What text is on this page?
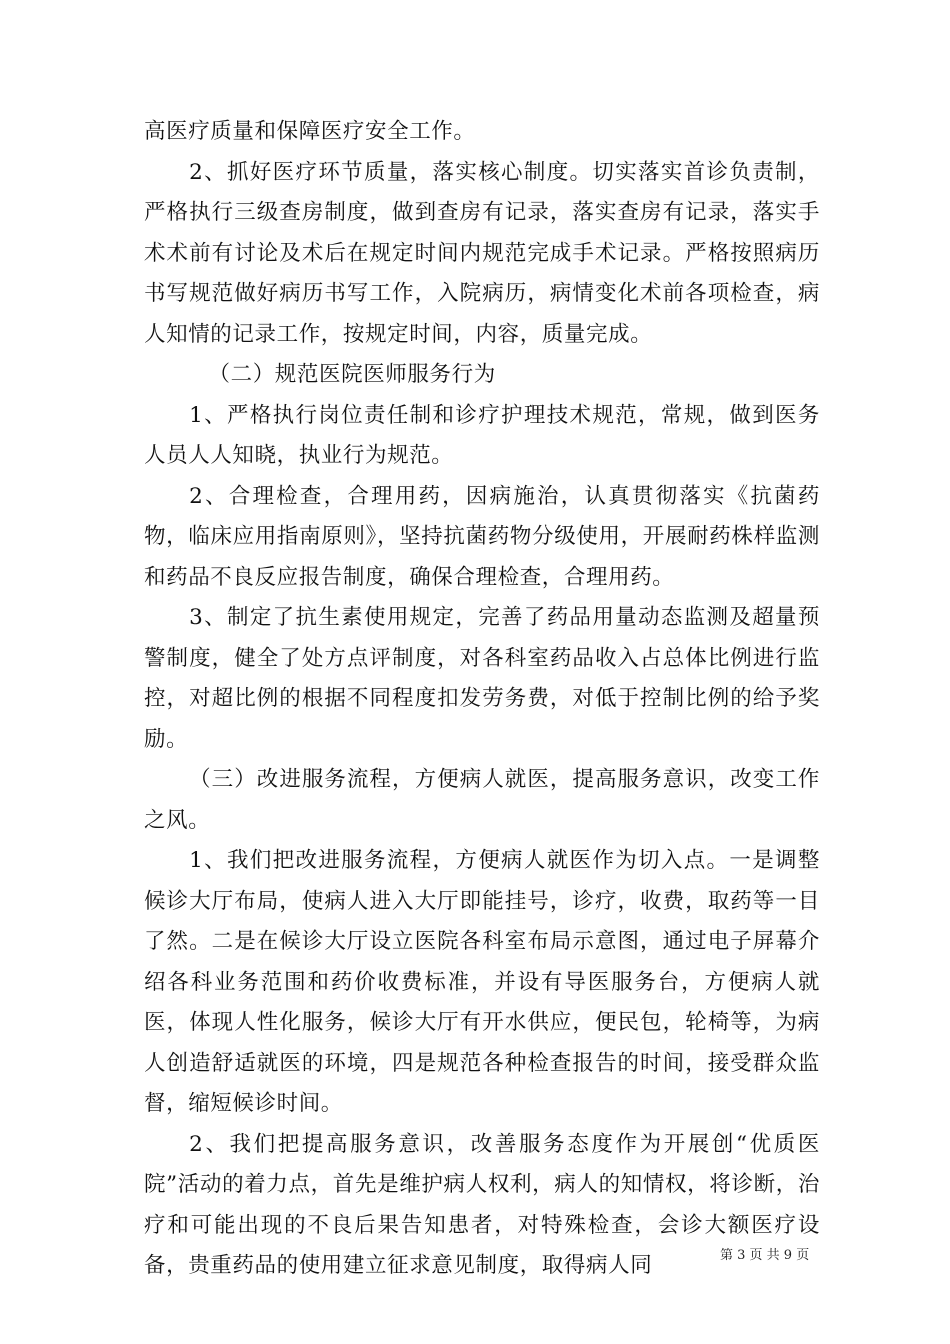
高医疗质量和保障医疗安全工作。

2、抓好医疗环节质量，落实核心制度。切实落实首诊负责制，严格执行三级查房制度，做到查房有记录，落实查房有记录，落实手术术前有讨论及术后在规定时间内规范完成手术记录。严格按照病历书写规范做好病历书写工作，入院病历，病情变化术前各项检查，病人知情的记录工作，按规定时间，内容，质量完成。

（二）规范医院医师服务行为

1、严格执行岗位责任制和诊疗护理技术规范，常规，做到医务人员人人知晓，执业行为规范。

2、合理检查，合理用药，因病施治，认真贯彻落实《抗菌药物，临床应用指南原则》，坚持抗菌药物分级使用，开展耐药株样监测和药品不良反应报告制度，确保合理检查，合理用药。

3、制定了抗生素使用规定，完善了药品用量动态监测及超量预警制度，健全了处方点评制度，对各科室药品收入占总体比例进行监控，对超比例的根据不同程度扣发劳务费，对低于控制比例的给予奖励。

（三）改进服务流程，方便病人就医，提高服务意识，改变工作之风。

1、我们把改进服务流程，方便病人就医作为切入点。一是调整候诊大厅布局，使病人进入大厅即能挂号，诊疗，收费，取药等一目了然。二是在候诊大厅设立医院各科室布局示意图，通过电子屏幕介绍各科业务范围和药价收费标准，并设有导医服务台，方便病人就医，体现人性化服务，候诊大厅有开水供应，便民包，轮椅等，为病人创造舒适就医的环境，四是规范各种检查报告的时间，接受群众监督，缩短候诊时间。

2、我们把提高服务意识，改善服务态度作为开展创“优质医院”活动的着力点，首先是维护病人权利，病人的知情权，将诊断，治疗和可能出现的不良后果告知患者，对特殊检查，会诊大额医疗设备，贵重药品的使用建立征求意见制度，取得病人同	第 3 页 共 9 页
